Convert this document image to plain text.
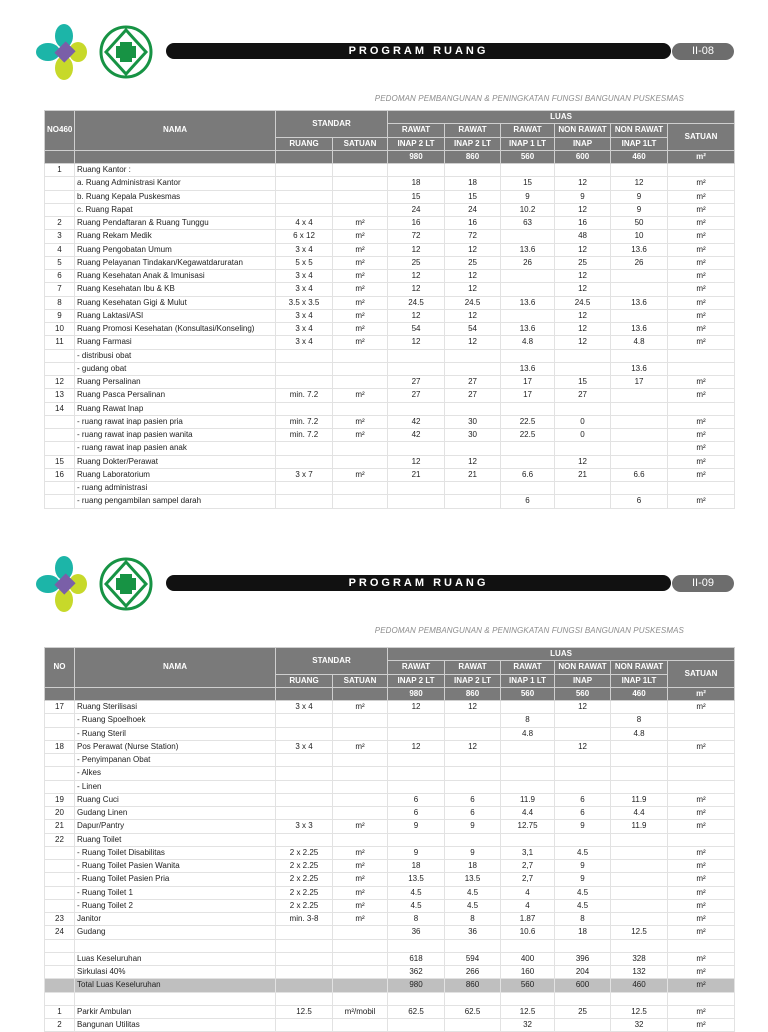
PROGRAM RUANG	II-08
PEDOMAN PEMBANGUNAN & PENINGKATAN FUNGSI BANGUNAN PUSKESMAS
NO460	NAMA	STANDAR		LUAS					
				RAWAT	RAWAT	RAWAT	NON RAWAT	NON RAWAT	SATUAN
		RUANG	SATUAN	INAP 2 LT	INAP 2 LT	INAP 1 LT	INAP	INAP 1LT	
				980	860	560	600	460	m²
1	Ruang Kantor :								
	a. Ruang Administrasi Kantor			18	18	15	12	12	m²
	b. Ruang Kepala Puskesmas			15	15	9	9	9	m²
	c. Ruang Rapat			24	24	10.2	12	9	m²
2	Ruang Pendaftaran & Ruang Tunggu	4 x 4	m²	16	16	63	16	50	m²
3	Ruang Rekam Medik	6 x 12	m²	72	72		48	10	m²
4	Ruang Pengobatan Umum	3 x 4	m²	12	12	13.6	12	13.6	m²
5	Ruang Pelayanan Tindakan/Kegawatdaruratan	5 x 5	m²	25	25	26	25	26	m²
6	Ruang Kesehatan Anak & Imunisasi	3 x 4	m²	12	12		12		m²
7	Ruang Kesehatan Ibu & KB	3 x 4	m²	12	12		12		m²
8	Ruang Kesehatan Gigi & Mulut	3.5 x 3.5	m²	24.5	24.5	13.6	24.5	13.6	m²
9	Ruang Laktasi/ASI	3 x 4	m²	12	12		12		m²
10	Ruang Promosi Kesehatan (Konsultasi/Konseling)	3 x 4	m²	54	54	13.6	12	13.6	m²
11	Ruang Farmasi	3 x 4	m²	12	12	4.8	12	4.8	m²
	- distribusi obat								
	- gudang obat					13.6		13.6	
12	Ruang Persalinan			27	27	17	15	17	m²
13	Ruang Pasca Persalinan	min. 7.2	m²	27	27	17	27		m²
14	Ruang Rawat Inap								
	- ruang rawat inap pasien pria	min. 7.2	m²	42	30	22.5	0		m²
	- ruang rawat inap pasien wanita	min. 7.2	m²	42	30	22.5	0		m²
	- ruang rawat inap pasien anak								m²
15	Ruang Dokter/Perawat			12	12		12		m²
16	Ruang Laboratorium	3 x 7	m²	21	21	6.6	21	6.6	m²
	- ruang administrasi								
	- ruang pengambilan sampel darah					6		6	m²
PROGRAM RUANG	II-09
PEDOMAN PEMBANGUNAN & PENINGKATAN FUNGSI BANGUNAN PUSKESMAS
NO	NAMA	STANDAR		LUAS					
				RAWAT	RAWAT	RAWAT	NON RAWAT	NON RAWAT	SATUAN
		RUANG	SATUAN	INAP 2 LT	INAP 2 LT	INAP 1 LT	INAP	INAP 1LT	
				980	860	560	560	460	m²
17	Ruang Sterilisasi	3 x 4	m²	12	12		12		m²
	- Ruang Spoelhoek					8		8	
	- Ruang Steril					4.8		4.8	
18	Pos Perawat (Nurse Station)	3 x 4	m²	12	12		12		m²
	- Penyimpanan Obat								
	- Alkes								
	- Linen								
19	Ruang Cuci			6	6	11.9	6	11.9	m²
20	Gudang Linen			6	6	4.4	6	4.4	m²
21	Dapur/Pantry	3 x 3	m²	9	9	12.75	9	11.9	m²
22	Ruang Toilet								
	- Ruang Toilet Disabilitas	2 x 2.25	m²	9	9	3,1	4.5		m²
	- Ruang Toilet Pasien Wanita	2 x 2.25	m²	18	18	2,7	9		m²
	- Ruang Toilet Pasien Pria	2 x 2.25	m²	13.5	13.5	2,7	9		m²
	- Ruang Toilet 1	2 x 2.25	m²	4.5	4.5	4	4.5		m²
	- Ruang Toilet 2	2 x 2.25	m²	4.5	4.5	4	4.5		m²
23	Janitor	min. 3-8	m²	8	8	1.87	8		m²
24	Gudang			36	36	10.6	18	12.5	m²

	Luas Keseluruhan			618	594	400	396	328	m²
	Sirkulasi 40%			362	266	160	204	132	m²
	Total Luas Keseluruhan			980	860	560	600	460	m²

1	Parkir Ambulan	12.5	m²/mobil	62.5	62.5	12.5	25	12.5	m²
2	Bangunan Utilitas					32		32	m²
